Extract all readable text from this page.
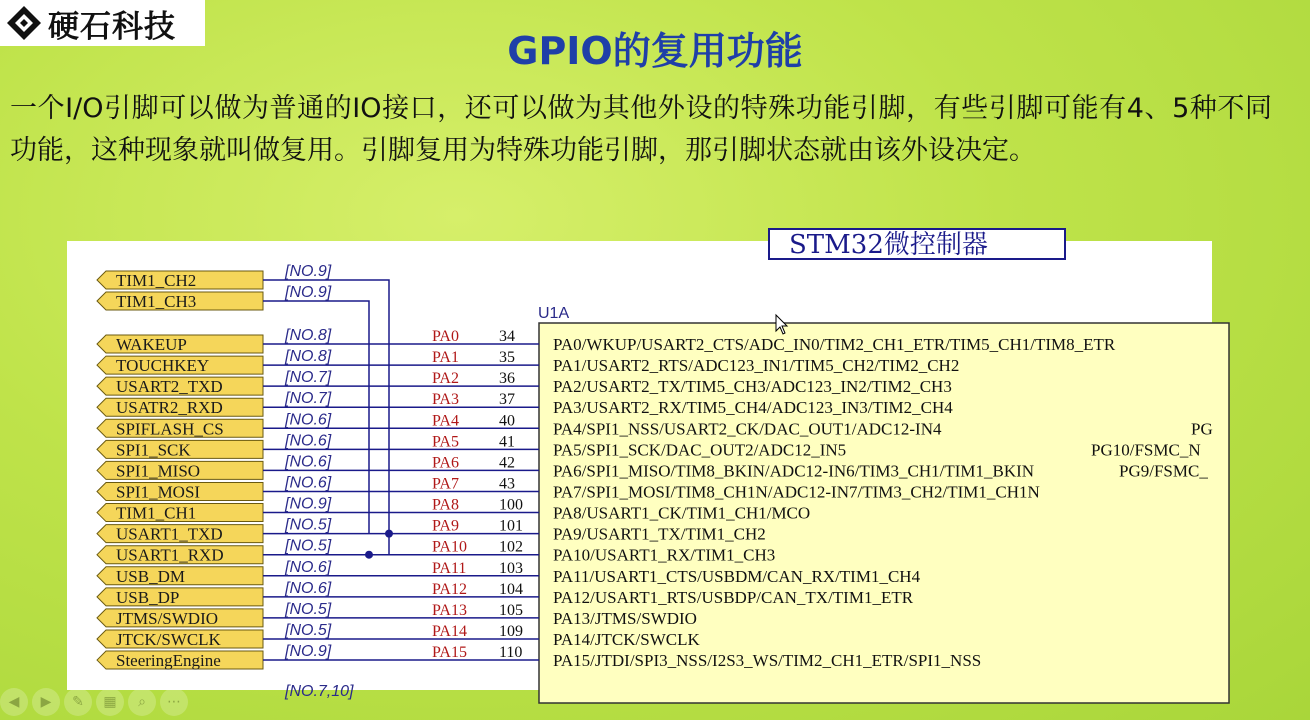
硬石科技
GPIO的复用功能
一个I/O引脚可以做为普通的IO接口，还可以做为其他外设的特殊功能引脚，有些引脚可能有4、5种不同功能，这种现象就叫做复用。引脚复用为特殊功能引脚，那引脚状态就由该外设决定。
STM32微控制器
U1A
TIM1_CH2	[NO.9]
TIM1_CH3	[NO.9]
WAKEUP	[NO.8]	PA0	34 PA0/WKUP/USART2_CTS/ADC_IN0/TIM2_CH1_ETR/TIM5_CH1/TIM8_ETR
TOUCHKEY	[NO.8]	PA1	35 PA1/USART2_RTS/ADC123_IN1/TIM5_CH2/TIM2_CH2
USART2_TXD	[NO.7]	PA2	36 PA2/USART2_TX/TIM5_CH3/ADC123_IN2/TIM2_CH3
USATR2_RXD	[NO.7]	PA3	37 PA3/USART2_RX/TIM5_CH4/ADC123_IN3/TIM2_CH4
SPIFLASH_CS	[NO.6]	PA4	40 PA4/SPI1_NSS/USART2_CK/DAC_OUT1/ADC12-IN4	PG
SPI1_SCK	[NO.6]	PA5	41 PA5/SPI1_SCK/DAC_OUT2/ADC12_IN5	PG10/FSMC_N
SPI1_MISO	[NO.6]	PA6	42 PA6/SPI1_MISO/TIM8_BKIN/ADC12-IN6/TIM3_CH1/TIM1_BKIN	PG9/FSMC_
SPI1_MOSI	[NO.6]	PA7	43 PA7/SPI1_MOSI/TIM8_CH1N/ADC12-IN7/TIM3_CH2/TIM1_CH1N
TIM1_CH1	[NO.9]	PA8	100 PA8/USART1_CK/TIM1_CH1/MCO
USART1_TXD	[NO.5]	PA9	101 PA9/USART1_TX/TIM1_CH2
USART1_RXD	[NO.5]	PA10 102 PA10/USART1_RX/TIM1_CH3
USB_DM	[NO.6]	PA11 103 PA11/USART1_CTS/USBDM/CAN_RX/TIM1_CH4
USB_DP	[NO.6]	PA12 104 PA12/USART1_RTS/USBDP/CAN_TX/TIM1_ETR
JTMS/SWDIO	[NO.5]	PA13 105 PA13/JTMS/SWDIO
JTCK/SWCLK	[NO.5]	PA14 109 PA14/JTCK/SWCLK
SteeringEngine	[NO.9]	PA15 110 PA15/JTDI/SPI3_NSS/I2S3_WS/TIM2_CH1_ETR/SPI1_NSS
[NO.7,10]
◀	▶	✎	▦	⌕	⋯
